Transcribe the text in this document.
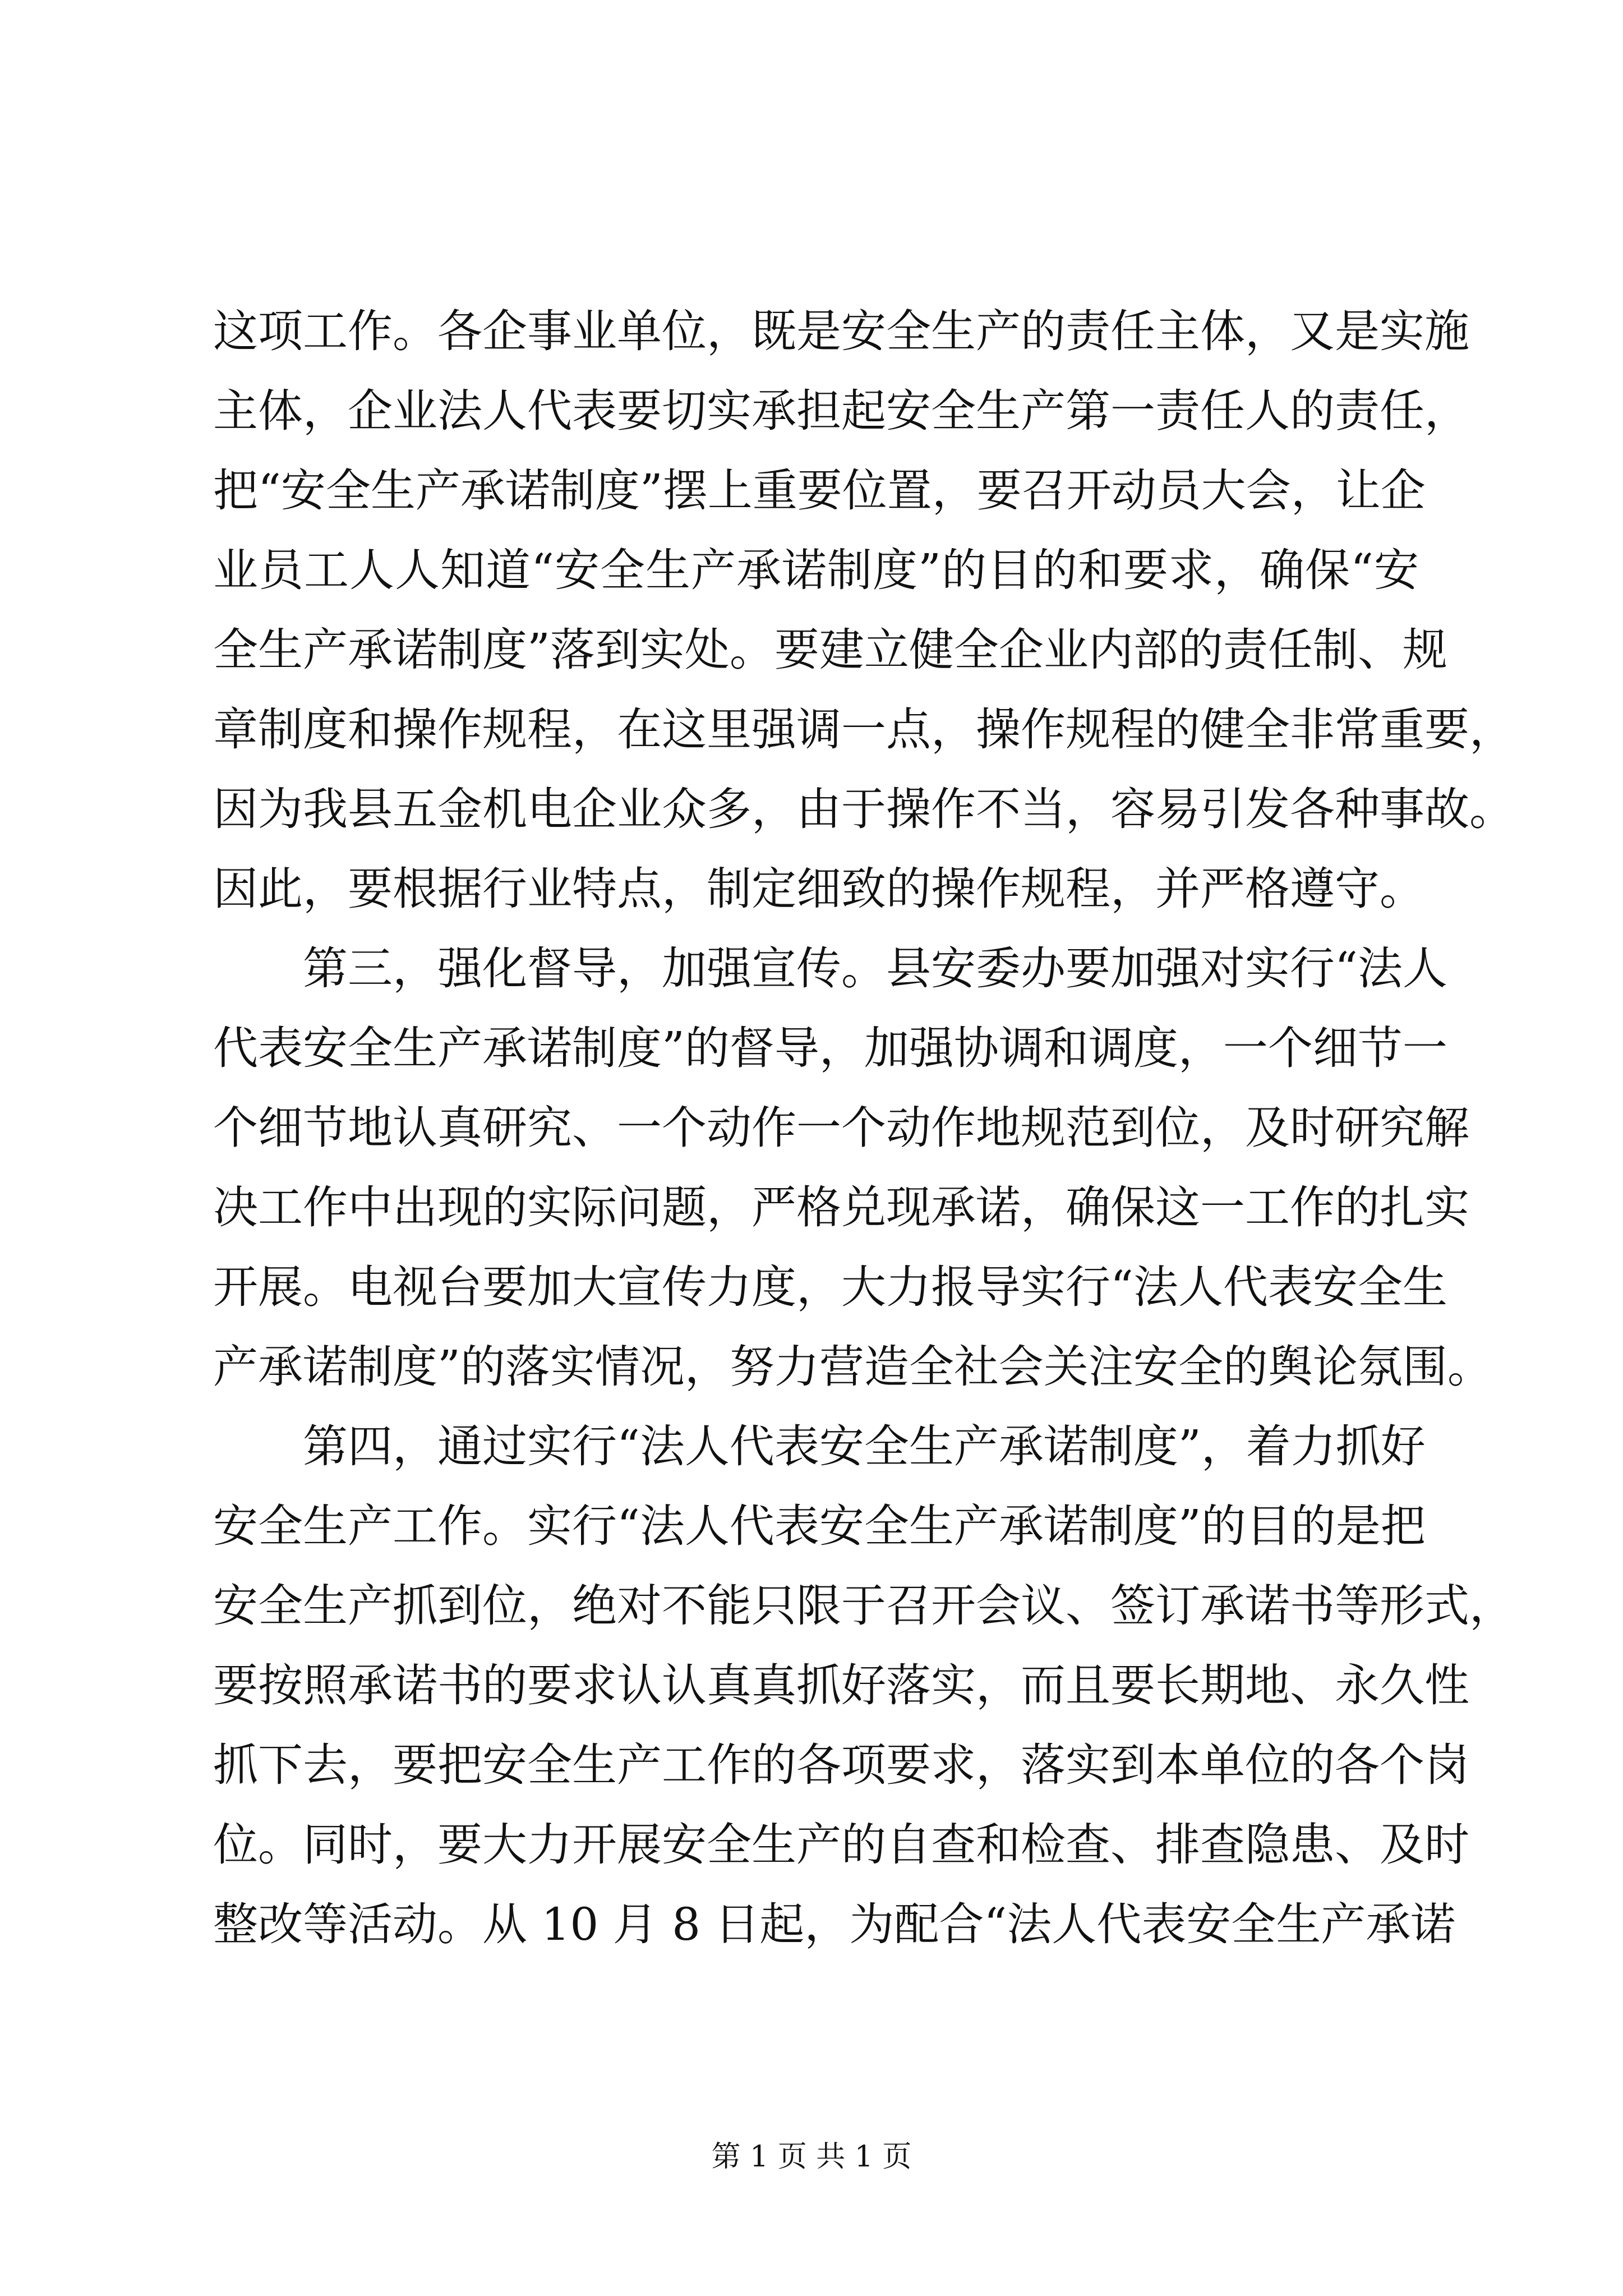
这项工作。各企事业单位，既是安全生产的责任主体，又是实施
主体，企业法人代表要切实承担起安全生产第一责任人的责任，
把“安全生产承诺制度”摆上重要位置，要召开动员大会，让企
业员工人人知道“安全生产承诺制度”的目的和要求，确保“安
全生产承诺制度”落到实处。要建立健全企业内部的责任制、规
章制度和操作规程，在这里强调一点，操作规程的健全非常重要，
因为我县五金机电企业众多，由于操作不当，容易引发各种事故。
因此，要根据行业特点，制定细致的操作规程，并严格遵守。
第三，强化督导，加强宣传。县安委办要加强对实行“法人
代表安全生产承诺制度”的督导，加强协调和调度，一个细节一
个细节地认真研究、一个动作一个动作地规范到位，及时研究解
决工作中出现的实际问题，严格兑现承诺，确保这一工作的扎实
开展。电视台要加大宣传力度，大力报导实行“法人代表安全生
产承诺制度”的落实情况，努力营造全社会关注安全的舆论氛围。
第四，通过实行“法人代表安全生产承诺制度”，着力抓好
安全生产工作。实行“法人代表安全生产承诺制度”的目的是把
安全生产抓到位，绝对不能只限于召开会议、签订承诺书等形式，
要按照承诺书的要求认认真真抓好落实，而且要长期地、永久性
抓下去，要把安全生产工作的各项要求，落实到本单位的各个岗
位。同时，要大力开展安全生产的自查和检查、排查隐患、及时
整改等活动。从 10 月 8 日起，为配合“法人代表安全生产承诺
第 1 页 共 1 页
